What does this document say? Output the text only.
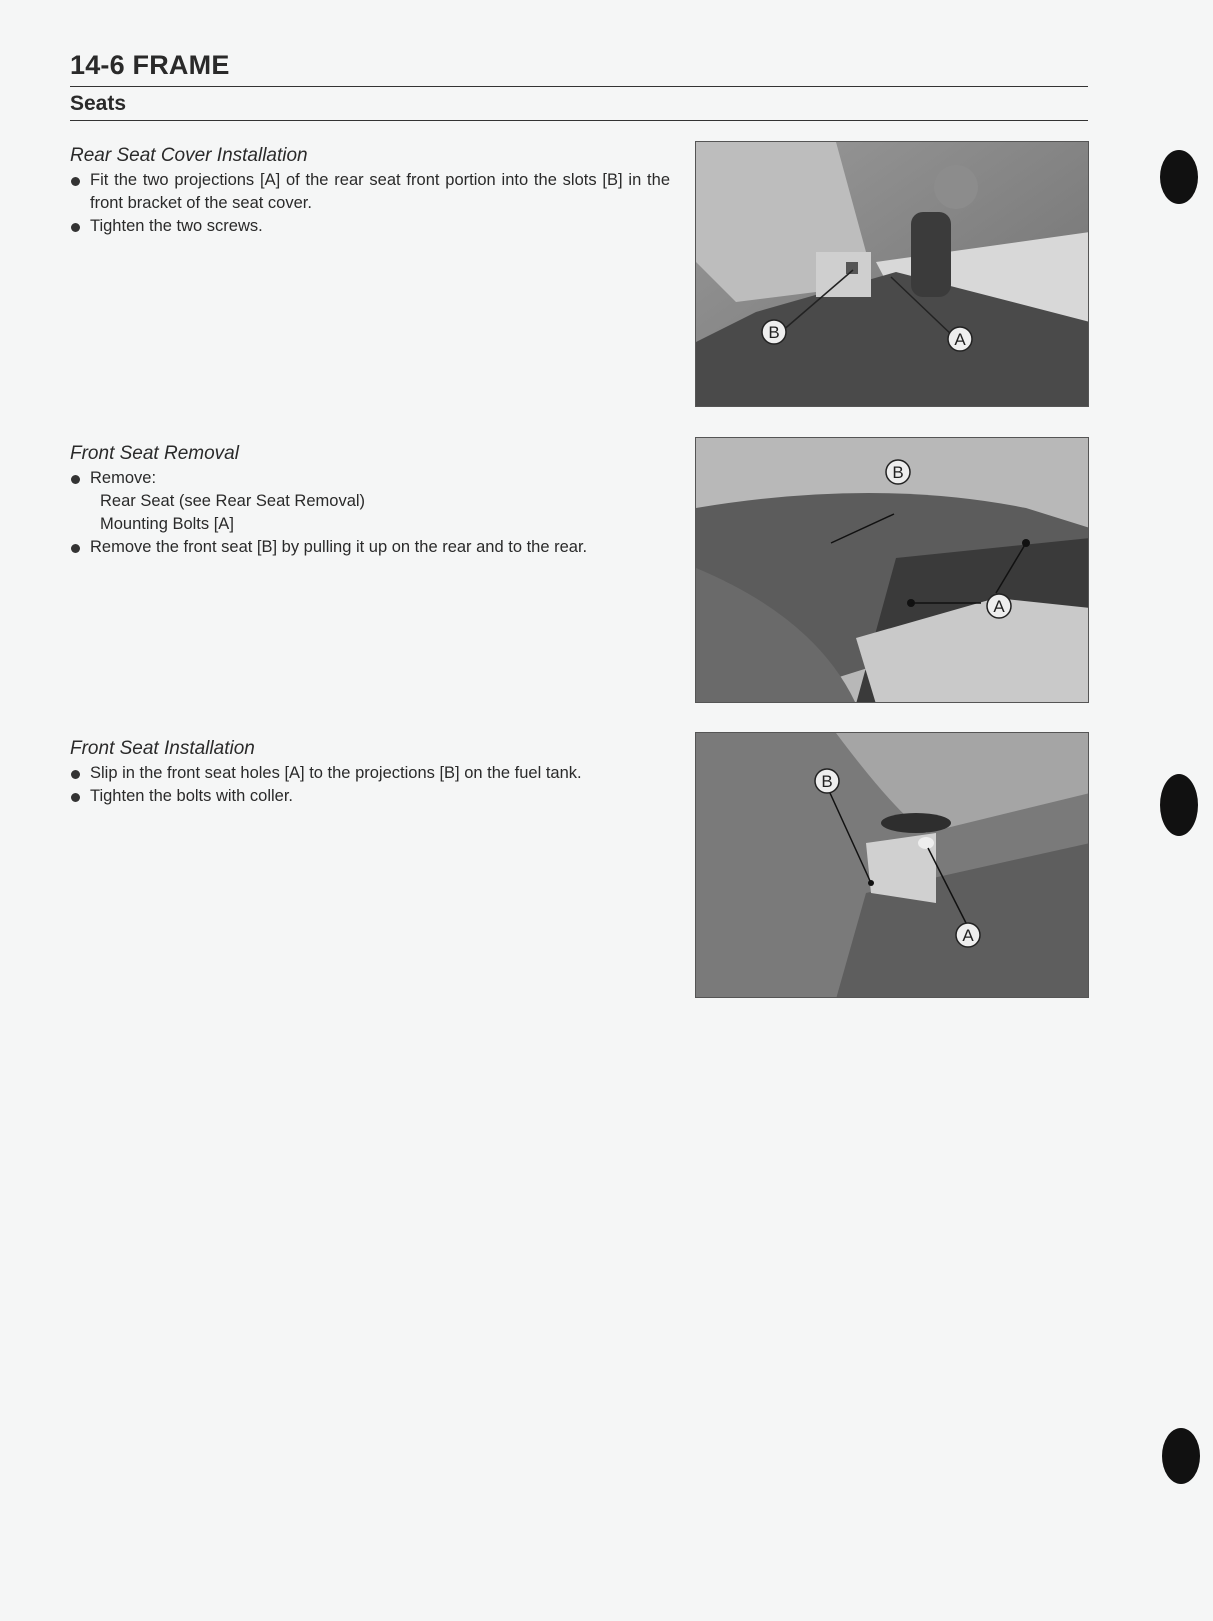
14-6 FRAME
Seats
Rear Seat Cover Installation
Fit the two projections [A] of the rear seat front portion into the slots [B] in the front bracket of the seat cover.
Tighten the two screws.
Front Seat Removal
Remove:
Rear Seat (see Rear Seat Removal)
Mounting Bolts [A]
Remove the front seat [B] by pulling it up on the rear and to the rear.
Front Seat Installation
Slip in the front seat holes [A] to the projections [B] on the fuel tank.
Tighten the bolts with coller.
B	A
B
A
B
A
